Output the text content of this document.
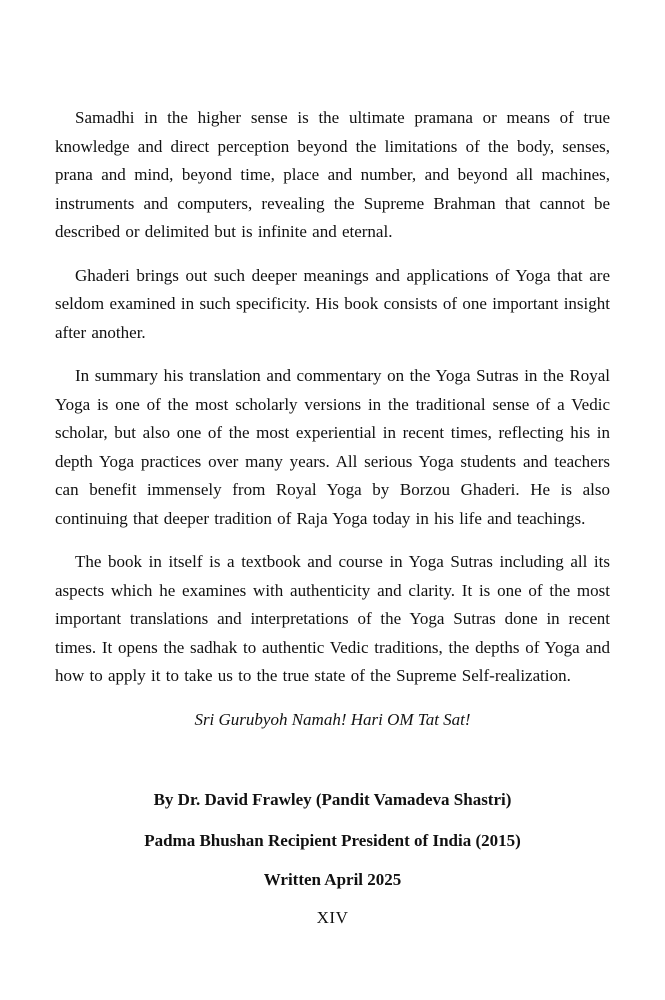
Samadhi in the higher sense is the ultimate pramana or means of true knowledge and direct perception beyond the limitations of the body, senses, prana and mind, beyond time, place and number, and beyond all machines, instruments and computers, revealing the Supreme Brahman that cannot be described or delimited but is infinite and eternal.

Ghaderi brings out such deeper meanings and applications of Yoga that are seldom examined in such specificity. His book consists of one important insight after another.

In summary his translation and commentary on the Yoga Sutras in the Royal Yoga is one of the most scholarly versions in the traditional sense of a Vedic scholar, but also one of the most experiential in recent times, reflecting his in depth Yoga practices over many years. All serious Yoga students and teachers can benefit immensely from Royal Yoga by Borzou Ghaderi. He is also continuing that deeper tradition of Raja Yoga today in his life and teachings.

The book in itself is a textbook and course in Yoga Sutras including all its aspects which he examines with authenticity and clarity. It is one of the most important translations and interpretations of the Yoga Sutras done in recent times. It opens the sadhak to authentic Vedic traditions, the depths of Yoga and how to apply it to take us to the true state of the Supreme Self-realization.

Sri Gurubyoh Namah! Hari OM Tat Sat!

By Dr. David Frawley (Pandit Vamadeva Shastri)

Padma Bhushan Recipient President of India (2015)

Written April 2025

XIV
